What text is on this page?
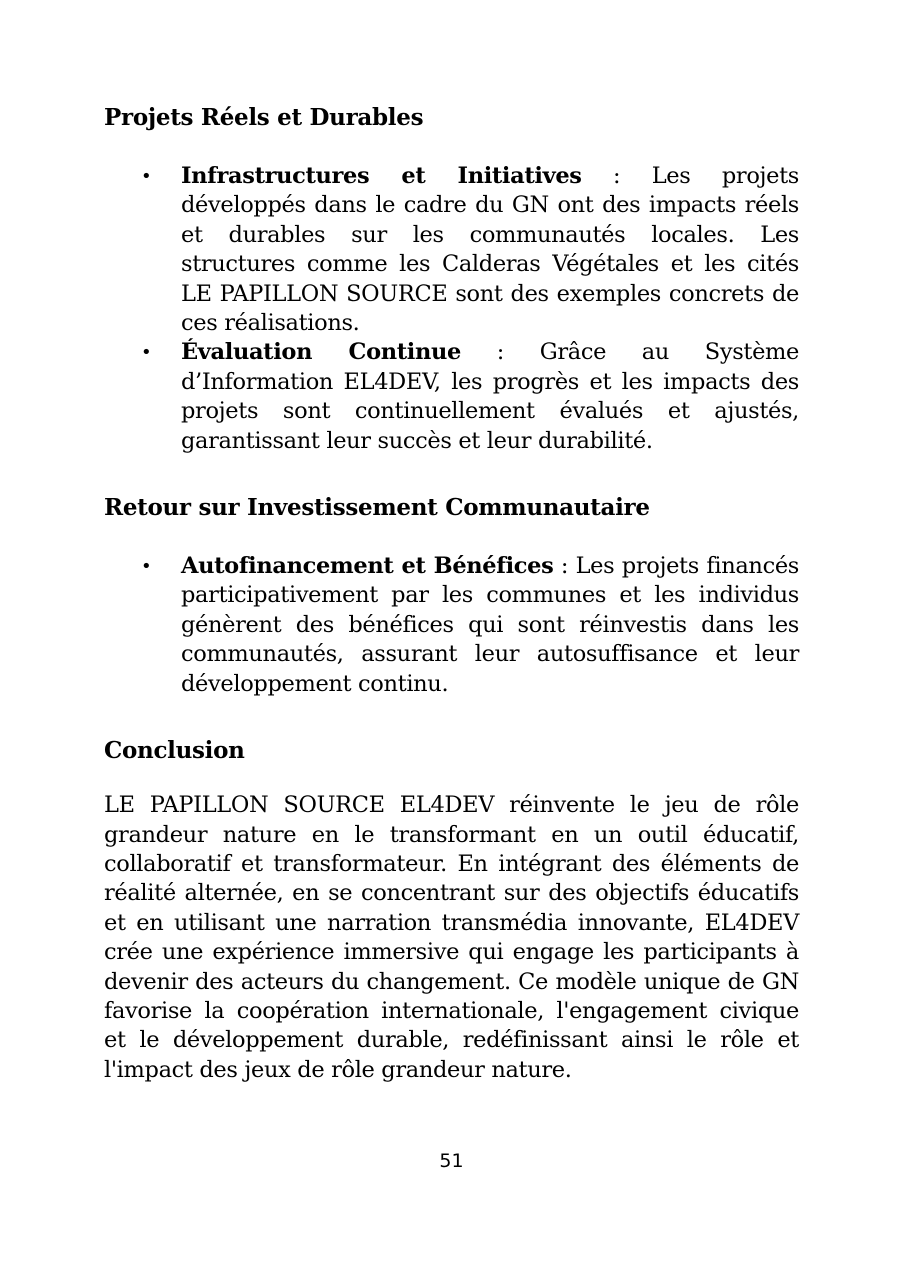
Projets Réels et Durables
• Infrastructures et Initiatives : Les projets développés dans le cadre du GN ont des impacts réels et durables sur les communautés locales. Les structures comme les Calderas Végétales et les cités LE PAPILLON SOURCE sont des exemples concrets de ces réalisations.
• Évaluation Continue : Grâce au Système d’Information EL4DEV, les progrès et les impacts des projets sont continuellement évalués et ajustés, garantissant leur succès et leur durabilité.
Retour sur Investissement Communautaire
• Autofinancement et Bénéfices : Les projets financés participativement par les communes et les individus génèrent des bénéfices qui sont réinvestis dans les communautés, assurant leur autosuffisance et leur développement continu.
Conclusion

LE PAPILLON SOURCE EL4DEV réinvente le jeu de rôle grandeur nature en le transformant en un outil éducatif, collaboratif et transformateur. En intégrant des éléments de réalité alternée, en se concentrant sur des objectifs éducatifs et en utilisant une narration transmédia innovante, EL4DEV crée une expérience immersive qui engage les participants à devenir des acteurs du changement. Ce modèle unique de GN favorise la coopération internationale, l'engagement civique et le développement durable, redéfinissant ainsi le rôle et l'impact des jeux de rôle grandeur nature.

51
